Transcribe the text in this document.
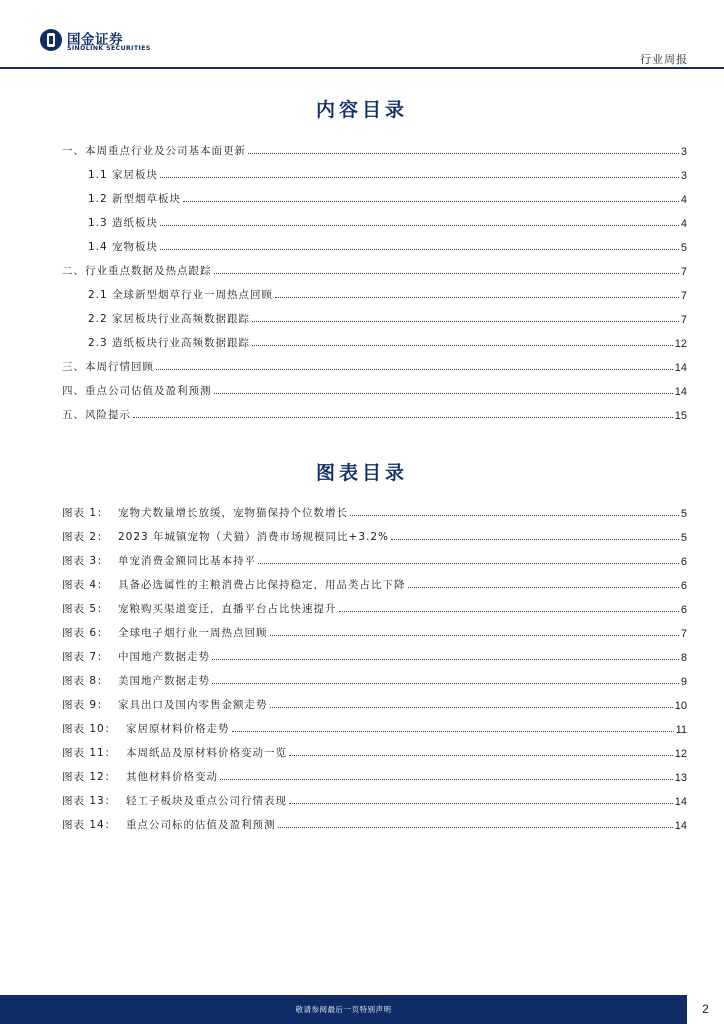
国金证券
SINOLINK SECURITIES
行业周报
内容目录
一、本周重点行业及公司基本面更新	3
1.1 家居板块	3
1.2 新型烟草板块	4
1.3 造纸板块	4
1.4 宠物板块	5
二、行业重点数据及热点跟踪	7
2.1 全球新型烟草行业一周热点回顾	7
2.2 家居板块行业高频数据跟踪	7
2.3 造纸板块行业高频数据跟踪	12
三、本周行情回顾	14
四、重点公司估值及盈利预测	14
五、风险提示	15
图表目录
图表 1： 宠物犬数量增长放缓，宠物猫保持个位数增长	5
图表 2： 2023 年城镇宠物（犬猫）消费市场规模同比+3.2%	5
图表 3： 单宠消费金额同比基本持平	6
图表 4： 具备必选属性的主粮消费占比保持稳定，用品类占比下降	6
图表 5： 宠粮购买渠道变迁，直播平台占比快速提升	6
图表 6： 全球电子烟行业一周热点回顾	7
图表 7： 中国地产数据走势	8
图表 8： 美国地产数据走势	9
图表 9： 家具出口及国内零售金额走势	10
图表 10： 家居原材料价格走势	11
图表 11： 本周纸品及原材料价格变动一览	12
图表 12： 其他材料价格变动	13
图表 13： 轻工子板块及重点公司行情表现	14
图表 14： 重点公司标的估值及盈利预测	14
敬请参阅最后一页特别声明	2
